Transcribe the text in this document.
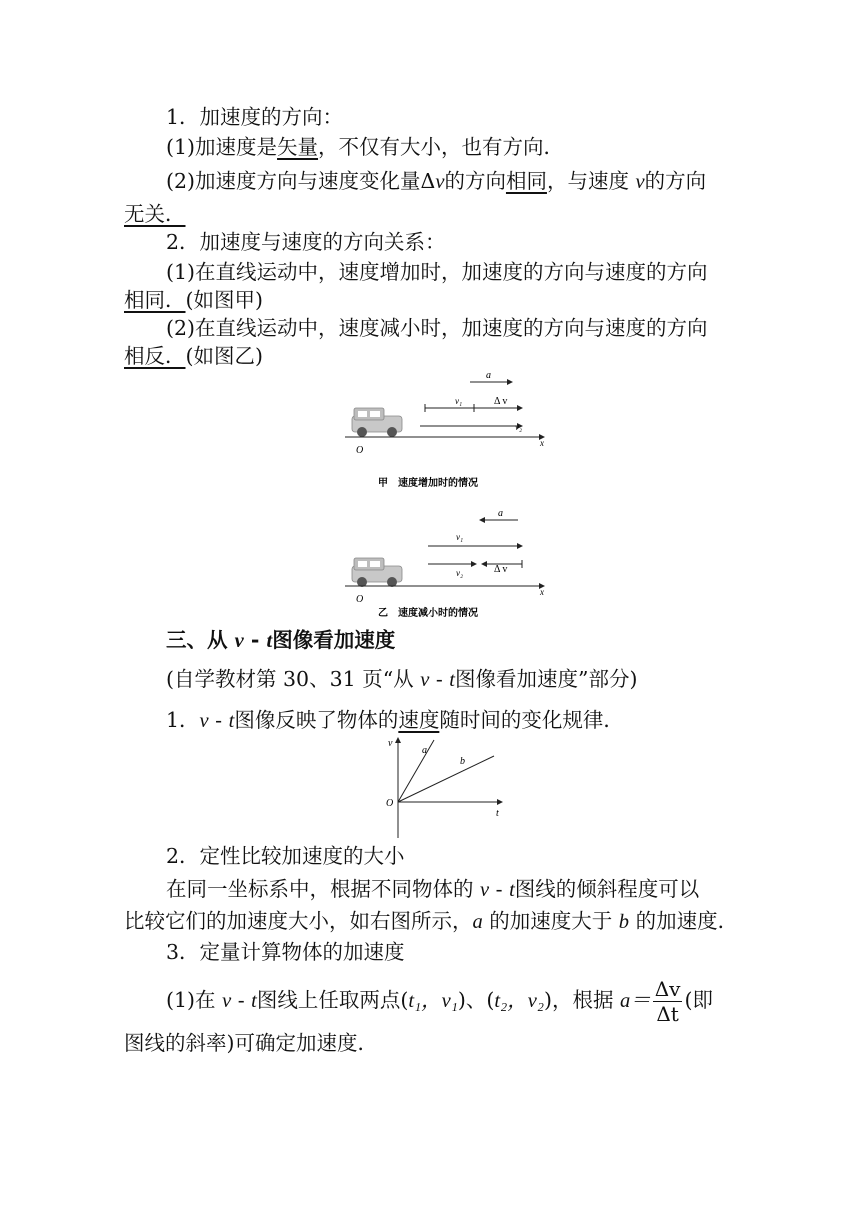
1．加速度的方向：
(1)加速度是矢量，不仅有大小，也有方向．
(2)加速度方向与速度变化量Δv的方向相同，与速度 v的方向
无关．
2．加速度与速度的方向关系：
(1)在直线运动中，速度增加时，加速度的方向与速度的方向
相同．(如图甲)
(2)在直线运动中，速度减小时，加速度的方向与速度的方向
相反．(如图乙)
a
v₁	Δ v
v₂
x
O
甲　速度增加时的情况
a
v₁
v₂	Δ v
x
O
乙　速度减小时的情况
三、从 v - t图像看加速度
(自学教材第 30、31 页“从 v - t图像看加速度”部分)
1．v - t图像反映了物体的速度随时间的变化规律．
v
t
O
a
b
2．定性比较加速度的大小
在同一坐标系中，根据不同物体的 v - t图线的倾斜程度可以
比较它们的加速度大小，如右图所示，a 的加速度大于 b 的加速度．
3．定量计算物体的加速度
(1)在 v - t图线上任取两点(t₁，v₁)、(t₂，v₂)，根据 $a= \frac{\Delta v}{\Delta t}$ (即
图线的斜率)可确定加速度．
